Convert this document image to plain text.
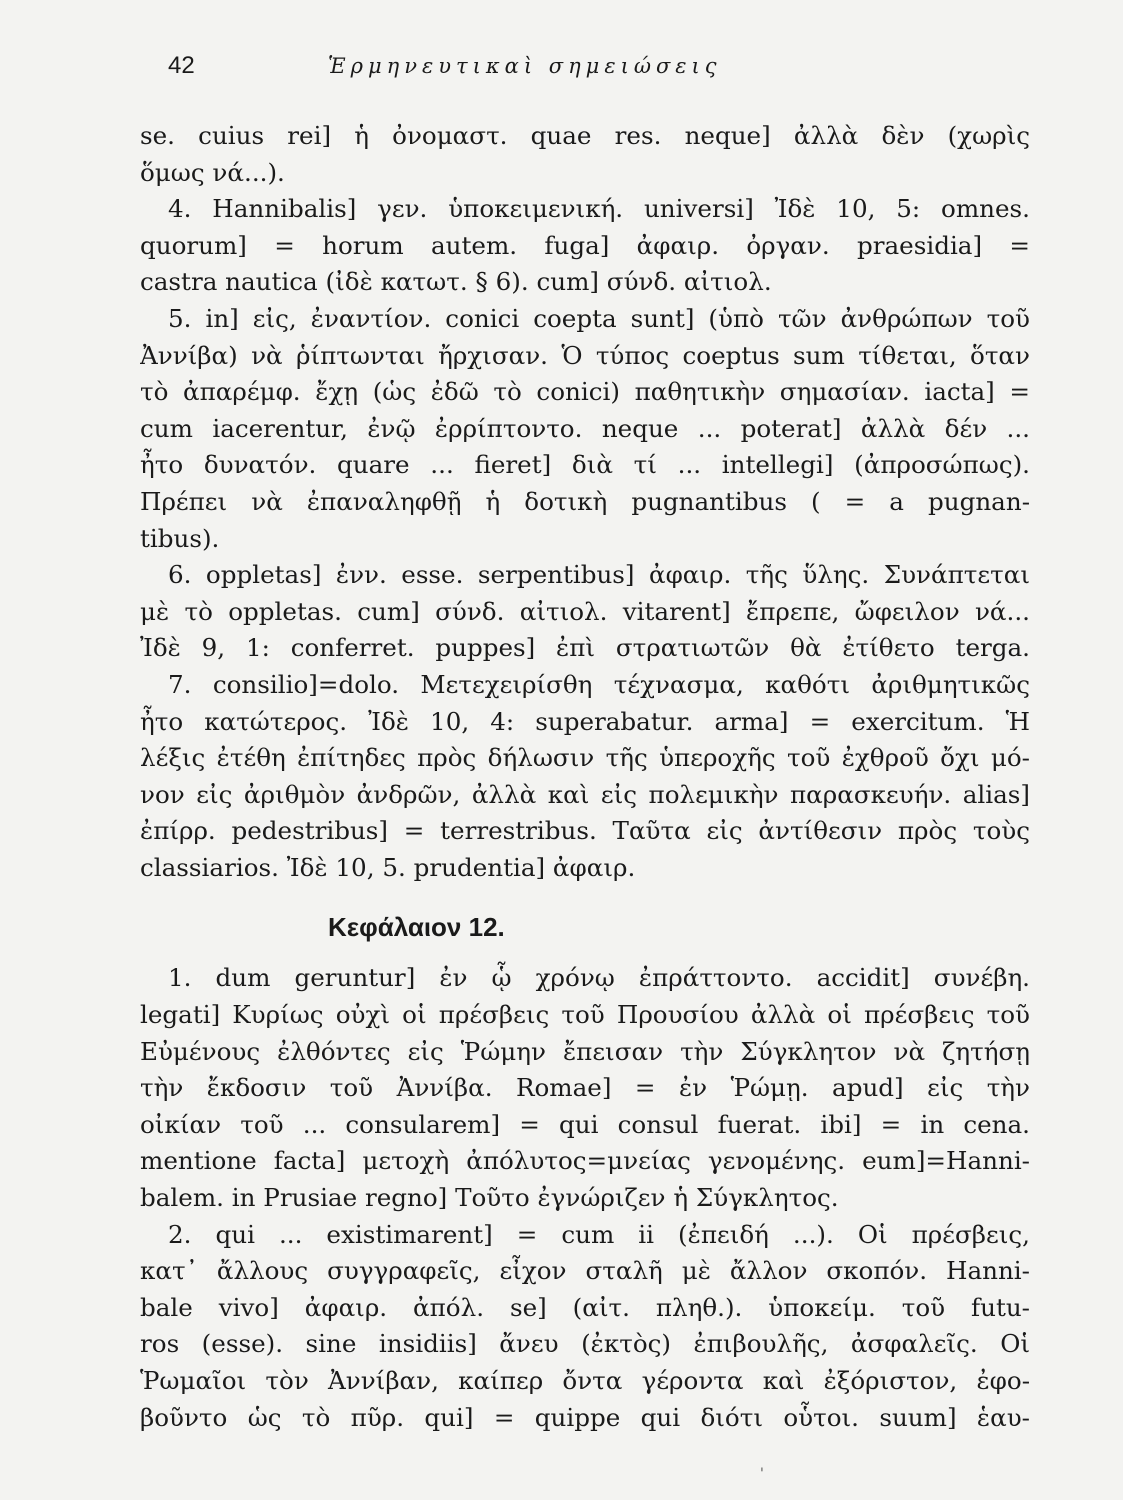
42	Ἑρμηνευτικαὶ σημειώσεις
se. cuius rei] ἡ ὀνομαστ. quae res. neque] ἀλλὰ δὲν (χωρὶς
ὅμως νά...).
4. Hannibalis] γεν. ὑποκειμενική. universi] Ἰδὲ 10, 5: omnes.
quorum] = horum autem. fuga] ἀφαιρ. ὀργαν. praesidia] =
castra nautica (ἰδὲ κατωτ. § 6). cum] σύνδ. αἰτιολ.
5. in] εἰς, ἐναντίον. conici coepta sunt] (ὑπὸ τῶν ἀνθρώπων τοῦ
Ἀννίβα) νὰ ῥίπτωνται ἤρχισαν. Ὁ τύπος coeptus sum τίθεται, ὅταν
τὸ ἀπαρέμφ. ἔχῃ (ὡς ἐδῶ τὸ conici) παθητικὴν σημασίαν. iacta] =
cum iacerentur, ἐνῷ ἐρρίπτοντο. neque ... poterat] ἀλλὰ δέν ...
ἦτο δυνατόν. quare ... fieret] διὰ τί ... intellegi] (ἀπροσώπως).
Πρέπει νὰ ἐπαναληφθῇ ἡ δοτικὴ pugnantibus ( = a pugnan-
tibus).
6. oppletas] ἐνν. esse. serpentibus] ἀφαιρ. τῆς ὕλης. Συνάπτεται
μὲ τὸ oppletas. cum] σύνδ. αἰτιολ. vitarent] ἔπρεπε, ὤφειλον νά...
Ἰδὲ 9, 1: conferret. puppes] ἐπὶ στρατιωτῶν θὰ ἐτίθετο terga.
7. consilio]=dolo. Μετεχειρίσθη τέχνασμα, καθότι ἀριθμητικῶς
ἦτο κατώτερος. Ἰδὲ 10, 4: superabatur. arma] = exercitum. Ἡ
λέξις ἐτέθη ἐπίτηδες πρὸς δήλωσιν τῆς ὑπεροχῆς τοῦ ἐχθροῦ ὄχι μό-
νον εἰς ἀριθμὸν ἀνδρῶν, ἀλλὰ καὶ εἰς πολεμικὴν παρασκευήν. alias]
ἐπίρρ. pedestribus] = terrestribus. Ταῦτα εἰς ἀντίθεσιν πρὸς τοὺς
classiarios. Ἰδὲ 10, 5. prudentia] ἀφαιρ.
Κεφάλαιον 12.
1. dum geruntur] ἐν ᾧ χρόνῳ ἐπράττοντο. accidit] συνέβη.
legati] Κυρίως οὐχὶ οἱ πρέσβεις τοῦ Προυσίου ἀλλὰ οἱ πρέσβεις τοῦ
Εὐμένους ἐλθόντες εἰς Ῥώμην ἔπεισαν τὴν Σύγκλητον νὰ ζητήσῃ
τὴν ἔκδοσιν τοῦ Ἀννίβα. Romae] = ἐν Ῥώμῃ. apud] εἰς τὴν
οἰκίαν τοῦ ... consularem] = qui consul fuerat. ibi] = in cena.
mentione facta] μετοχὴ ἀπόλυτος=μνείας γενομένης. eum]=Hanni-
balem. in Prusiae regno] Τοῦτο ἐγνώριζεν ἡ Σύγκλητος.
2. qui ... existimarent] = cum ii (ἐπειδή ...). Οἱ πρέσβεις,
κατ᾽ ἄλλους συγγραφεῖς, εἶχον σταλῆ μὲ ἄλλον σκοπόν. Hanni-
bale vivo] ἀφαιρ. ἀπόλ. se] (αἰτ. πληθ.). ὑποκείμ. τοῦ futu-
ros (esse). sine insidiis] ἄνευ (ἐκτὸς) ἐπιβουλῆς, ἀσφαλεῖς. Οἱ
Ῥωμαῖοι τὸν Ἀννίβαν, καίπερ ὄντα γέροντα καὶ ἐξόριστον, ἐφο-
βοῦντο ὡς τὸ πῦρ. qui] = quippe qui διότι οὗτοι. suum] ἑαυ-
'
